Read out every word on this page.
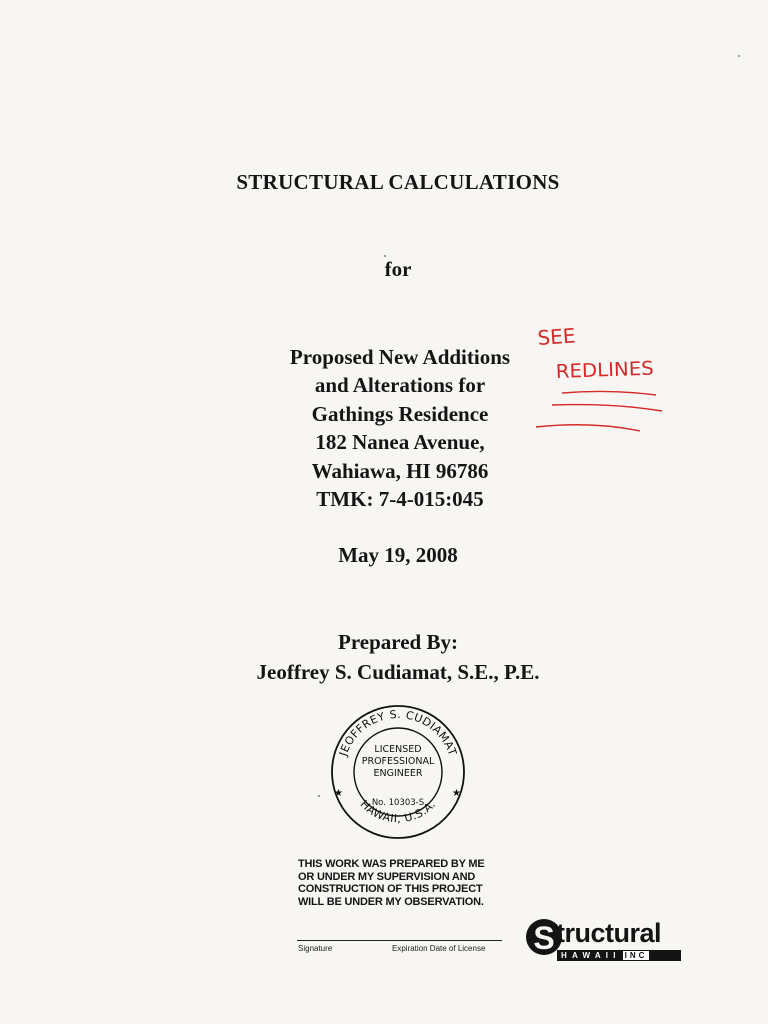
STRUCTURAL CALCULATIONS
for
Proposed New Additions
and Alterations for
Gathings Residence
182 Nanea Avenue,
Wahiawa, HI 96786
TMK: 7-4-015:045
May 19, 2008
Prepared By:
Jeoffrey S. Cudiamat, S.E., P.E.
SEE
REDLINES
JEOFFREY S. CUDIAMAT
HAWAII, U.S.A.
LICENSED
PROFESSIONAL
ENGINEER
No. 10303-S
★	★
THIS WORK WAS PREPARED BY ME
OR UNDER MY SUPERVISION AND
CONSTRUCTION OF THIS PROJECT
WILL BE UNDER MY OBSERVATION.
Signature	Expiration Date of License S tructural
HAWAII INC
